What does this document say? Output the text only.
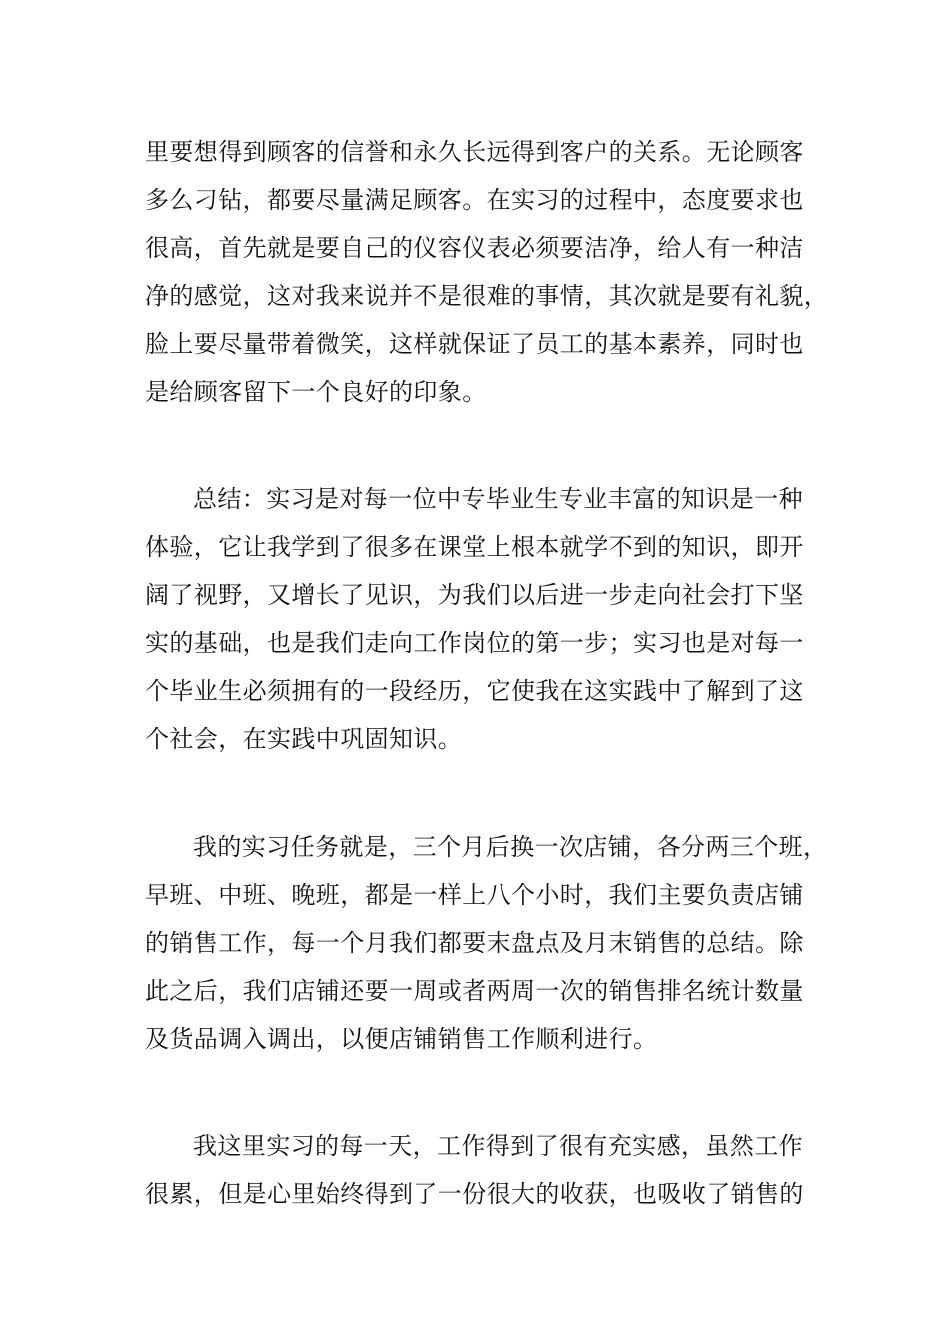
里要想得到顾客的信誉和永久长远得到客户的关系。无论顾客
多么刁钻，都要尽量满足顾客。在实习的过程中，态度要求也
很高，首先就是要自己的仪容仪表必须要洁净，给人有一种洁
净的感觉，这对我来说并不是很难的事情，其次就是要有礼貌，
脸上要尽量带着微笑，这样就保证了员工的基本素养，同时也
是给顾客留下一个良好的印象。
总结：实习是对每一位中专毕业生专业丰富的知识是一种
体验，它让我学到了很多在课堂上根本就学不到的知识，即开
阔了视野，又增长了见识，为我们以后进一步走向社会打下坚
实的基础，也是我们走向工作岗位的第一步；实习也是对每一
个毕业生必须拥有的一段经历，它使我在这实践中了解到了这
个社会，在实践中巩固知识。
我的实习任务就是，三个月后换一次店铺，各分两三个班，
早班、中班、晚班，都是一样上八个小时，我们主要负责店铺
的销售工作，每一个月我们都要末盘点及月末销售的总结。除
此之后，我们店铺还要一周或者两周一次的销售排名统计数量
及货品调入调出，以便店铺销售工作顺利进行。
我这里实习的每一天，工作得到了很有充实感，虽然工作
很累，但是心里始终得到了一份很大的收获，也吸收了销售的
